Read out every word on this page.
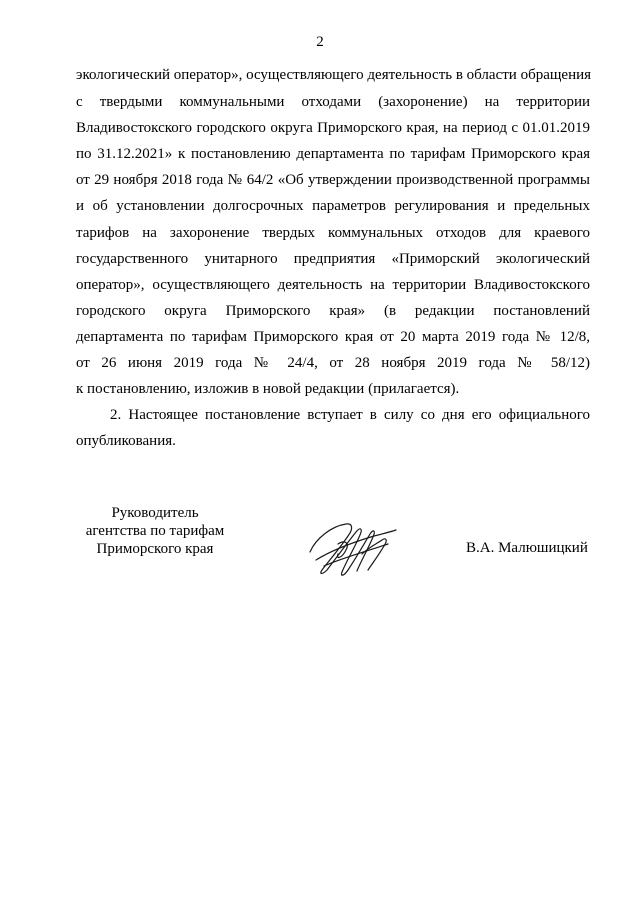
2
экологический оператор», осуществляющего деятельность в области обращения
с твердыми коммунальными отходами (захоронение) на территории
Владивостокского городского округа Приморского края, на период с 01.01.2019
по 31.12.2021» к постановлению департамента по тарифам Приморского края
от 29 ноября 2018 года № 64/2 «Об утверждении производственной программы
и об установлении долгосрочных параметров регулирования и предельных
тарифов на захоронение твердых коммунальных отходов для краевого
государственного унитарного предприятия «Приморский экологический
оператор», осуществляющего деятельность на территории Владивостокского
городского округа Приморского края» (в редакции постановлений
департамента по тарифам Приморского края от 20 марта 2019 года № 12/8,
от 26 июня 2019 года № 24/4, от 28 ноября 2019 года № 58/12)
к постановлению, изложив в новой редакции (прилагается).
2. Настоящее постановление вступает в силу со дня его официального
опубликования.
Руководитель
агентства по тарифам
Приморского края	В.А. Малюшицкий
